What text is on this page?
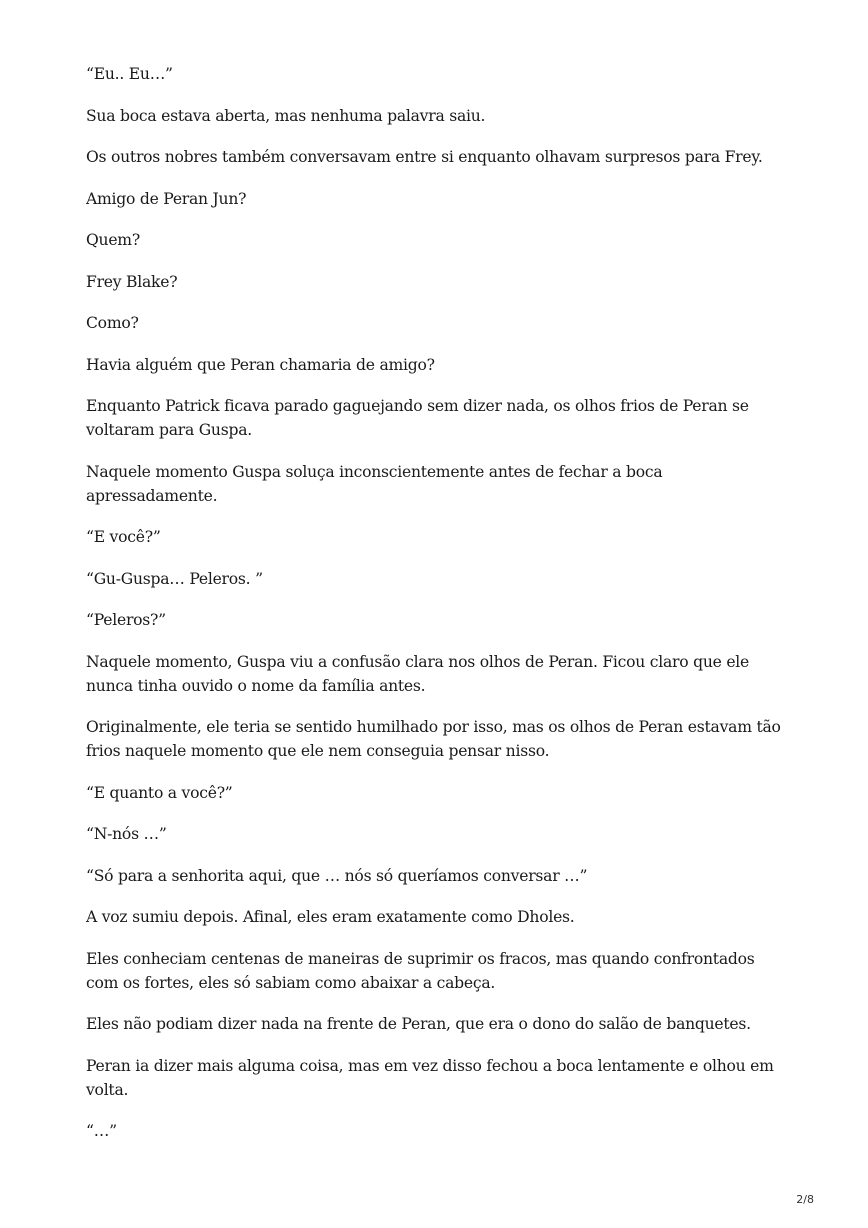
“Eu.. Eu…”

Sua boca estava aberta, mas nenhuma palavra saiu.

Os outros nobres também conversavam entre si enquanto olhavam surpresos para Frey.

Amigo de Peran Jun?

Quem?

Frey Blake?

Como?

Havia alguém que Peran chamaria de amigo?

Enquanto Patrick ficava parado gaguejando sem dizer nada, os olhos frios de Peran se voltaram para Guspa.

Naquele momento Guspa soluça inconscientemente antes de fechar a boca apressadamente.

“E você?”

“Gu-Guspa… Peleros. ”

“Peleros?”

Naquele momento, Guspa viu a confusão clara nos olhos de Peran. Ficou claro que ele nunca tinha ouvido o nome da família antes.

Originalmente, ele teria se sentido humilhado por isso, mas os olhos de Peran estavam tão frios naquele momento que ele nem conseguia pensar nisso.

“E quanto a você?”

“N-nós …”

“Só para a senhorita aqui, que … nós só queríamos conversar …”

A voz sumiu depois. Afinal, eles eram exatamente como Dholes.

Eles conheciam centenas de maneiras de suprimir os fracos, mas quando confrontados com os fortes, eles só sabiam como abaixar a cabeça.

Eles não podiam dizer nada na frente de Peran, que era o dono do salão de banquetes.

Peran ia dizer mais alguma coisa, mas em vez disso fechou a boca lentamente e olhou em volta.

“…”

2/8
